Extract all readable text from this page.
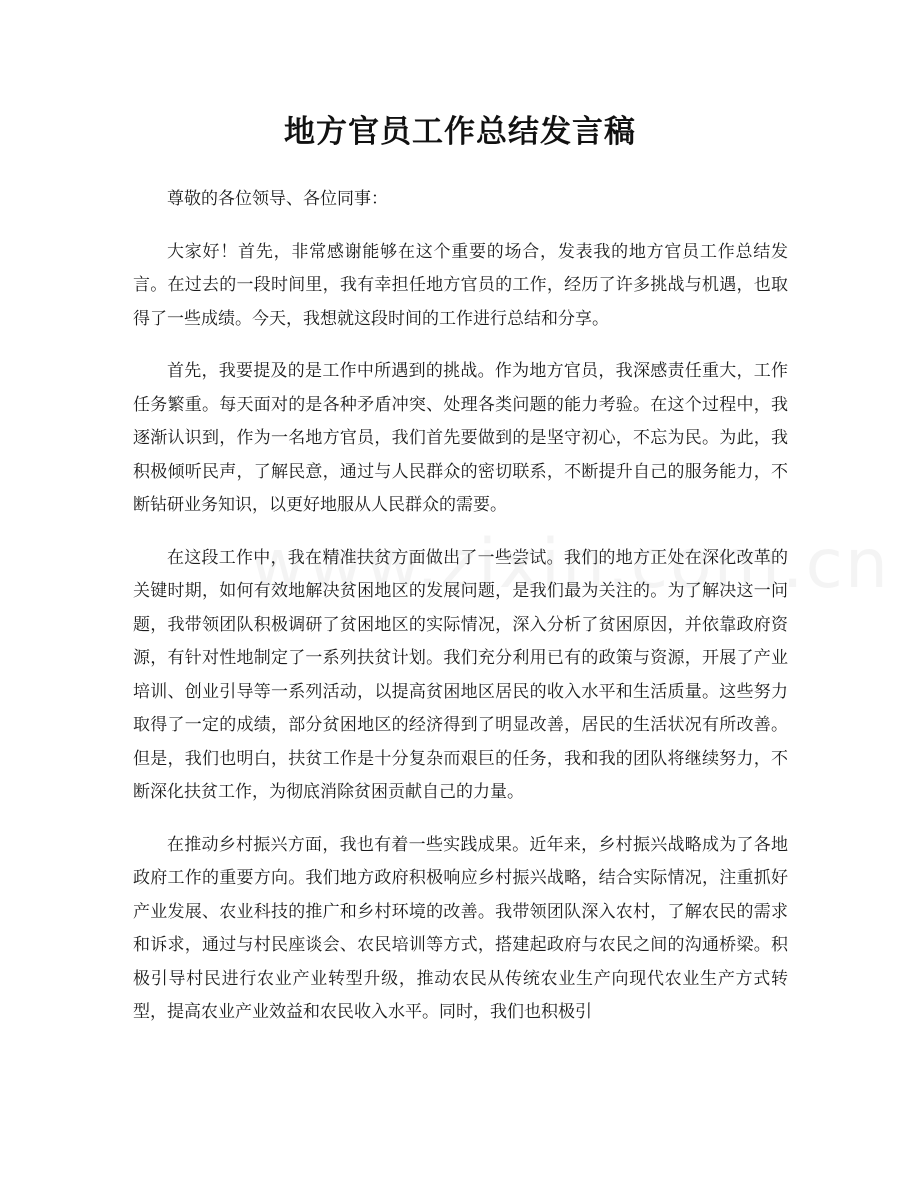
地方官员工作总结发言稿

尊敬的各位领导、各位同事：

大家好！首先，非常感谢能够在这个重要的场合，发表我的地方官员工作总结发言。在过去的一段时间里，我有幸担任地方官员的工作，经历了许多挑战与机遇，也取得了一些成绩。今天，我想就这段时间的工作进行总结和分享。

首先，我要提及的是工作中所遇到的挑战。作为地方官员，我深感责任重大，工作任务繁重。每天面对的是各种矛盾冲突、处理各类问题的能力考验。在这个过程中，我逐渐认识到，作为一名地方官员，我们首先要做到的是坚守初心，不忘为民。为此，我积极倾听民声，了解民意，通过与人民群众的密切联系，不断提升自己的服务能力，不断钻研业务知识，以更好地服从人民群众的需要。

在这段工作中，我在精准扶贫方面做出了一些尝试。我们的地方正处在深化改革的关键时期，如何有效地解决贫困地区的发展问题，是我们最为关注的。为了解决这一问题，我带领团队积极调研了贫困地区的实际情况，深入分析了贫困原因，并依靠政府资源，有针对性地制定了一系列扶贫计划。我们充分利用已有的政策与资源，开展了产业培训、创业引导等一系列活动，以提高贫困地区居民的收入水平和生活质量。这些努力取得了一定的成绩，部分贫困地区的经济得到了明显改善，居民的生活状况有所改善。但是，我们也明白，扶贫工作是十分复杂而艰巨的任务，我和我的团队将继续努力，不断深化扶贫工作，为彻底消除贫困贡献自己的力量。

在推动乡村振兴方面，我也有着一些实践成果。近年来，乡村振兴战略成为了各地政府工作的重要方向。我们地方政府积极响应乡村振兴战略，结合实际情况，注重抓好产业发展、农业科技的推广和乡村环境的改善。我带领团队深入农村，了解农民的需求和诉求，通过与村民座谈会、农民培训等方式，搭建起政府与农民之间的沟通桥梁。积极引导村民进行农业产业转型升级，推动农民从传统农业生产向现代农业生产方式转型，提高农业产业效益和农民收入水平。同时，我们也积极引
